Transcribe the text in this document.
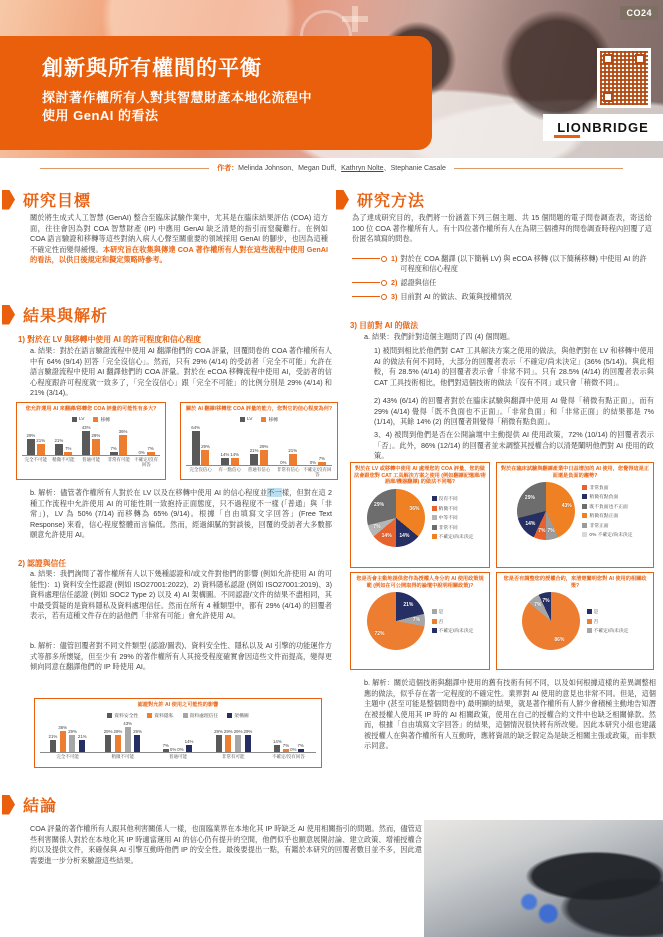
CO24
創新與所有權間的平衡
探討著作權所有人對其智慧財產本地化流程中
使用 GenAI 的看法
LIONBRIDGE
作者：Melinda Johnson、Megan Duff、Kathryn Nolte、Stephanie Casale
研究目標
關於將生成式人工智慧 (GenAI) 整合至臨床試驗作業中，尤其是在臨床結果評估 (COA) 這方面，往往會因為對 COA 智慧財產 (IP) 中應用 GenAI 缺乏清楚的指引而窒礙難行。在例如 COA 語言驗證和移轉等這些對納入病人心聲至關重要的領域採用 GenAI 的腳步，也因為這種不確定性而變得緩慢。本研究旨在收集與傳達 COA 著作權所有人對在這些流程中使用 GenAI 的看法，以供日後規定和擬定策略時參考。
研究方法
為了達成研究目的，我們將一份涵蓋下列三個主題、共 15 個問題的電子問卷調查表，寄送給 100 位 COA 著作權所有人。有十四位著作權所有人在為期三個禮拜的問卷調查時程內回覆了這份匿名填寫的問卷。
1) 對於在 COA 翻譯 (以下簡稱 LV) 與 eCOA 移轉 (以下簡稱移轉) 中使用 AI 的許可程度和信心程度
2) 認證與信任
3) 目前對 AI 的做法、政策與授權情況
結果與解析
1) 對於在 LV 與移轉中使用 AI 的許可程度和信心程度
a. 結果：對於在語言驗證流程中使用 AI 翻譯他們的 COA 評量，回覆問卷的 COA 著作權所有人中有 64% (9/14) 回答「完全沒信心」。然而，只有 29% (4/14) 的受訪者「完全不可能」允許在語言驗證流程中使用 AI 翻譯他們的 COA 評量。對於在 eCOA 移轉流程中使用 AI，受訪者的信心程度跟許可程度就一致多了，「完全沒信心」跟「完全不可能」的比例分別是 29% (4/14) 和 21% (3/14)。
您允許運用 AI 來翻譯/移轉您 COA 評量的可能性有多大?
LV	移轉
29%
21%
完全不可能
21%
7%
稍微不可能
43%
29%
普通可能
7%
36%
非常有可能
0%
7%
不確定/沒有回答
關於 AI 翻譯/移轉您 COA 評量的能力，您對它的信心程度為何?
LV	移轉
64%
29%
完全沒信心
14% 14%
有一點信心
21%
29%
普通有信心
0%
21%
非常有信心
0%
7%
不確定/沒有回答
b. 解析：儘管著作權所有人對於在 LV 以及在移轉中使用 AI 的信心程度並不一樣，但對在這 2 種工作流程中允許使用 AI 的可能性則一致抱持正面態度，只不過程度不一樣 (「普通」與「非常」)，LV 為 50% (7/14) 而移轉為 65% (9/14)。根據「自由填寫文字回答」(Free Text Response) 來看，信心程度整體而言偏低。然而，經過細膩的對談後，回覆的受訪者大多數都願意允許使用 AI。
2) 認證與信任
a. 結果：我們詢問了著作權所有人以下幾種認證和/或文件對他們的影響 (例如允許使用 AI 的可能性)：1) 資料安全性認證 (例如 ISO27001:2022)、2) 資料隱私認證 (例如 ISO27001:2019)、3) 資料處理信任認證 (例如 SOC2 Type 2) 以及 4) AI 架構圖。不同認證/文件的結果不盡相同，其中最受質疑的是資料隱私及資料處理信任。然而在所有 4 種類型中，都有 29% (4/14) 的回覆者表示，若有這種文件存在的話他們「非常有可能」會允許使用 AI。
b. 解析：儘管回覆者對不同文件類型 (認證/圖表)、資料安全性、隱私以及 AI 引擎的功能運作方式等都多所懷疑，但至少有 29% 的著作權所有人其接受程度確實會因這些文件而提高，變得更傾向同意在翻譯他們的 IP 時使用 AI。
認證對允許 AI 使用之可能性的影響
資料安全性	資料隱私	資料處理信任	架構圖
21%
36%
29%
21%
完全不可能
29% 29%
43%
29%
稍微不可能
7%
0% 0%
14%
普通可能
29% 29% 29% 29%
非常有可能
14%
7%
0%
7%
不確定/沒有回答
3) 目前對 AI 的做法
a. 結果：我們針對這個主題問了四 (4) 個問題。
1) 被問到相比於他們對 CAT 工具解決方案之使用的做法，與他們對在 LV 和移轉中使用 AI 的做法有何不同時，大部分的回覆者表示「不確定/尚未決定」(36% (5/14))。與此相較，有 28.5% (4/14) 的回覆者表示會「非常不同」。只有 28.5% (4/14) 的回覆者表示與 CAT 工具技術相比，他們對這個技術的做法「沒有不同」或只會「稍微不同」。
2) 43% (6/14) 的回覆者對於在臨床試驗與翻譯中使用 AI 覺得「稍微有點正面」，而有 29% (4/14) 覺得「既不負面也不正面」。「非常負面」和「非常正面」的結果都是 7% (1/14)，其餘 14% (2) 的回覆者則覺得「稍微有點負面」。
3、4) 被問到他們是否在公開論壇中主動提供 AI 使用政策，72% (10/14) 的回覆者表示「否」。此外，86% (12/14) 的回覆者並未調整其授權合約以清楚闡明他們對 AI 使用的政策。
對於在 LV 或移轉中使用 AI 處理您的 COA 評量，您的做法會跟您對 CAT 工具解決方案之使用 (例如翻譯記憶庫/術語庫/機器翻譯) 的做法不同嗎?
14%
14%
7%
29%
36%
沒有不同
稍微不同
中等不同
非常不同
不確定/尚未決定
對於在臨床試驗與翻譯產業中日益增加的 AI 使用，您覺得這是正面還是負面的趨勢?
7%
14%
29%
43%
7%
非常負面
稍微有點負面
既不負面也不正面
稍微有點正面
非常正面
0% 不確定/尚未決定
您是否會主動地提供您作為授權人身分的 AI 使用政策規範 (例如在可公開取得的論壇中說明相關政策)?
7%
72%
21%
是
否
不確定/尚未決定
您是否有調整您的授權合約，來清楚闡明您對 AI 使用的相關政策?
7%
86%
7%
是
否
不確定/尚未決定
b. 解析：關於這個技術與翻譯中使用的舊有技術有何不同，以及如何根據這樣的差異調整相應的做法，似乎存在著一定程度的不確定性。業界對 AI 使用的意見也非常不同。但是，這個主題中 (甚至可能是整個問卷中) 最明顯的結果，就是著作權所有人鮮少會積極主動地告知潛在被授權人使用其 IP 時的 AI 相關政策，使用在自己的授權合約文件中也缺乏相關條款。然而，根據「自由填寫文字回答」的結果，這個情況很快將有所改變。因此本研究小組也建議被授權人在與著作權所有人互動時，應將資訊的缺乏假定為是缺乏相關主張或政策，而非默示同意。
結論
COA 評量的著作權所有人跟其他利害關係人一樣，也面臨業界在本地化其 IP 時缺乏 AI 使用相關指引的問題。然而，儘管這些利害關係人對於在本地化其 IP 時適當運用 AI 的信心仍有提升的空間，他們似乎也願意展開討論、建立政策、增補授權合約以及提供文件，來確保與 AI 引擎互動時他們 IP 的安全性。最後要提出一點，有鑑於本研究的回覆者數目並不多，因此還需要進一步分析來驗證這些結果。
